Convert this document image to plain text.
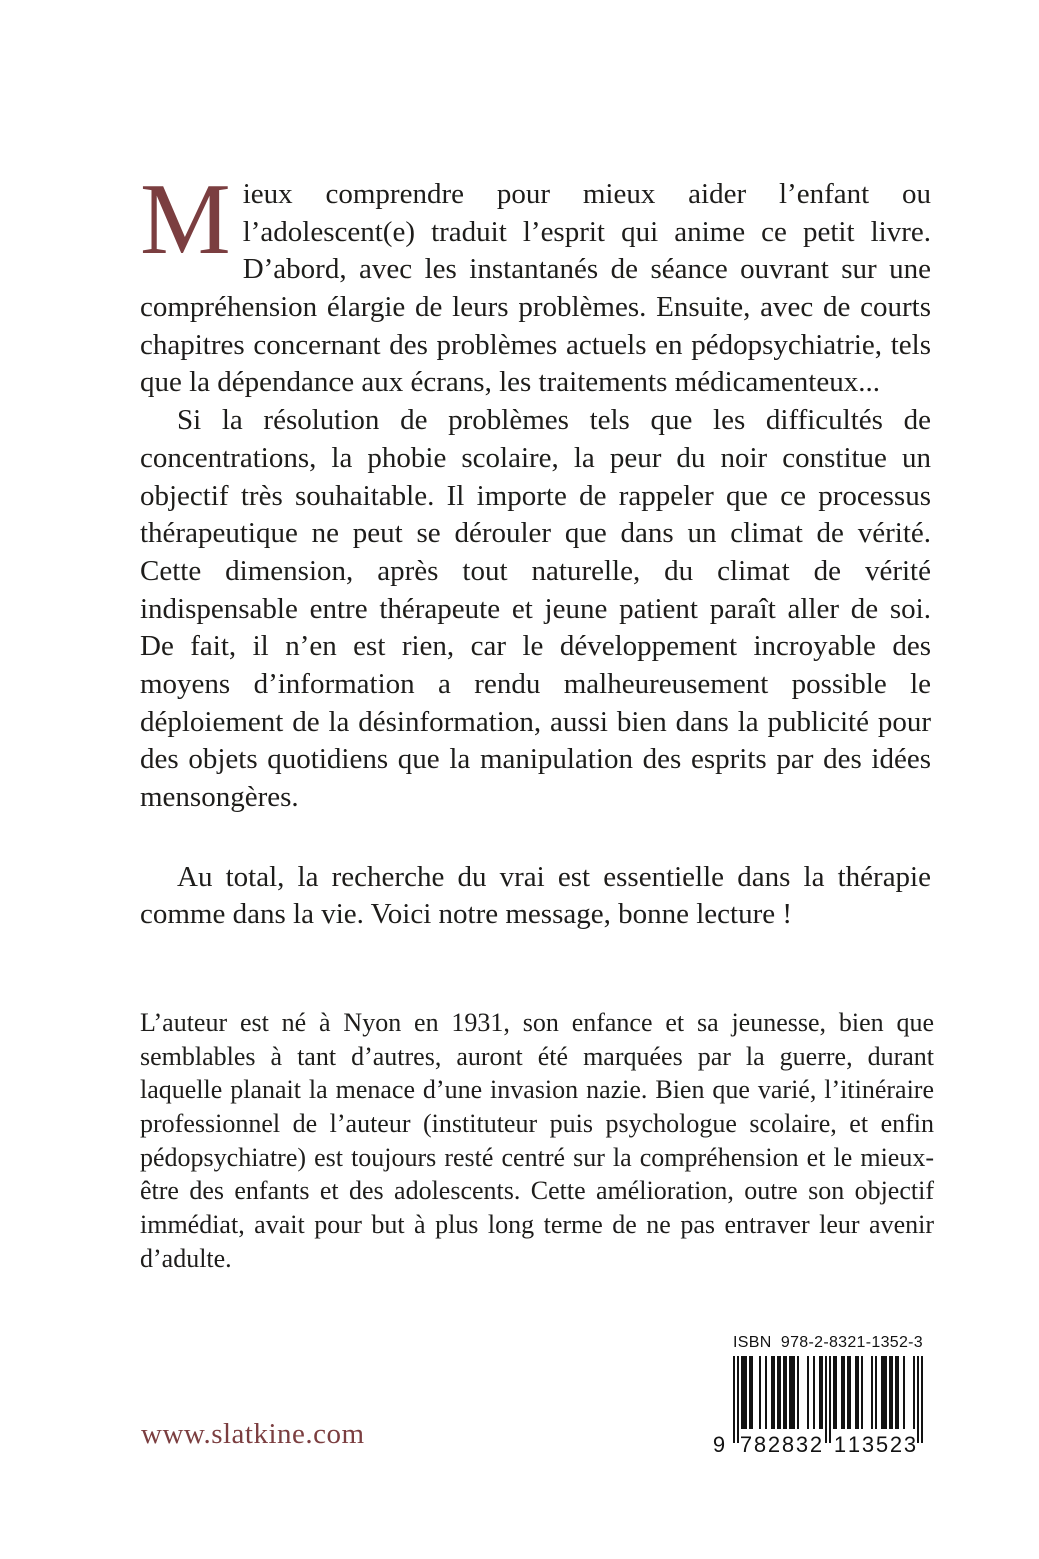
Mieux comprendre pour mieux aider l’enfant ou l’adolescent(e) traduit l’esprit qui anime ce petit livre. D’abord, avec les instantanés de séance ouvrant sur une compréhension élargie de leurs problèmes. Ensuite, avec de courts chapitres concernant des problèmes actuels en pédopsychiatrie, tels que la dépendance aux écrans, les traitements médicamenteux...

Si la résolution de problèmes tels que les difficultés de concentrations, la phobie scolaire, la peur du noir constitue un objectif très souhaitable. Il importe de rappeler que ce processus thérapeutique ne peut se dérouler que dans un climat de vérité. Cette dimension, après tout naturelle, du climat de vérité indispensable entre thérapeute et jeune patient paraît aller de soi. De fait, il n’en est rien, car le développement incroyable des moyens d’information a rendu malheureusement possible le déploiement de la désinformation, aussi bien dans la publicité pour des objets quotidiens que la manipulation des esprits par des idées mensongères.

Au total, la recherche du vrai est essentielle dans la thérapie comme dans la vie. Voici notre message, bonne lecture !

L’auteur est né à Nyon en 1931, son enfance et sa jeunesse, bien que semblables à tant d’autres, auront été marquées par la guerre, durant laquelle planait la menace d’une invasion nazie. Bien que varié, l’itinéraire professionnel de l’auteur (instituteur puis psychologue scolaire, et enfin pédopsychiatre) est toujours resté centré sur la compréhension et le mieux-être des enfants et des adolescents. Cette amélioration, outre son objectif immédiat, avait pour but à plus long terme de ne pas entraver leur avenir d’adulte.

www.slatkine.com
ISBN 978-2-8321-1352-3
9 7 8 2 8 3 2 1 1 3 5 2 3
